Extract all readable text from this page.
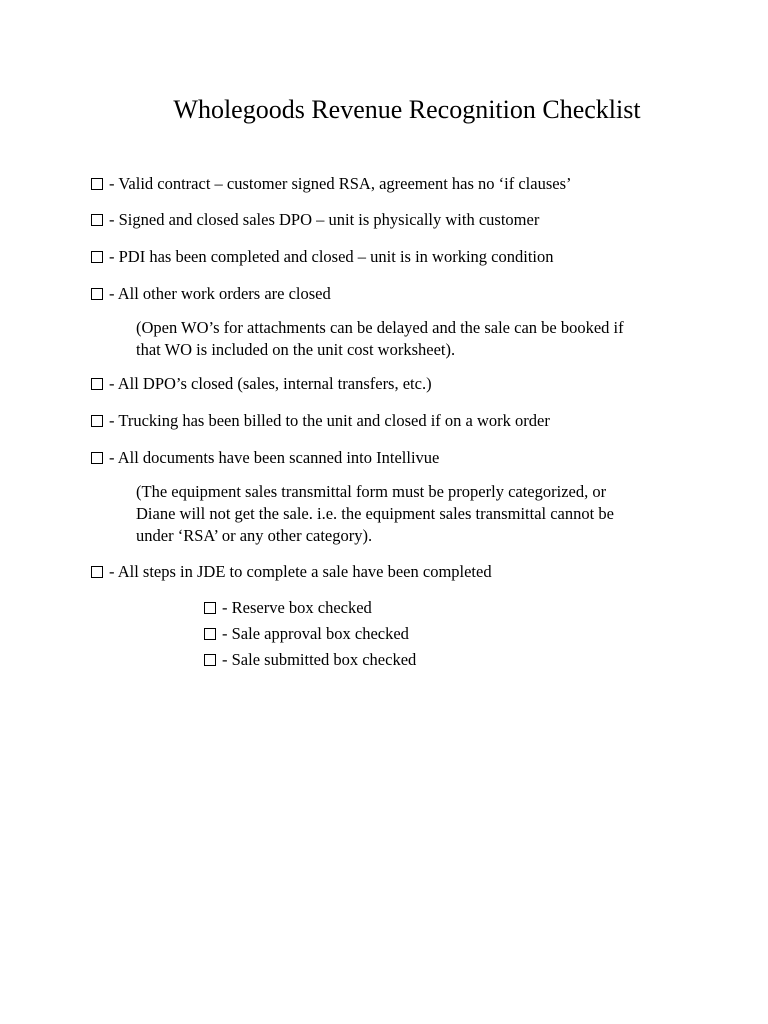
Wholegoods Revenue Recognition Checklist
- Valid contract – customer signed RSA, agreement has no ‘if clauses’
- Signed and closed sales DPO – unit is physically with customer
- PDI has been completed and closed – unit is in working condition
- All other work orders are closed
(Open WO’s for attachments can be delayed and the sale can be booked if
that WO is included on the unit cost worksheet).
- All DPO’s closed (sales, internal transfers, etc.)
- Trucking has been billed to the unit and closed if on a work order
- All documents have been scanned into Intellivue
(The equipment sales transmittal form must be properly categorized, or
Diane will not get the sale. i.e. the equipment sales transmittal cannot be
under ‘RSA’ or any other category).
- All steps in JDE to complete a sale have been completed
- Reserve box checked
- Sale approval box checked
- Sale submitted box checked
